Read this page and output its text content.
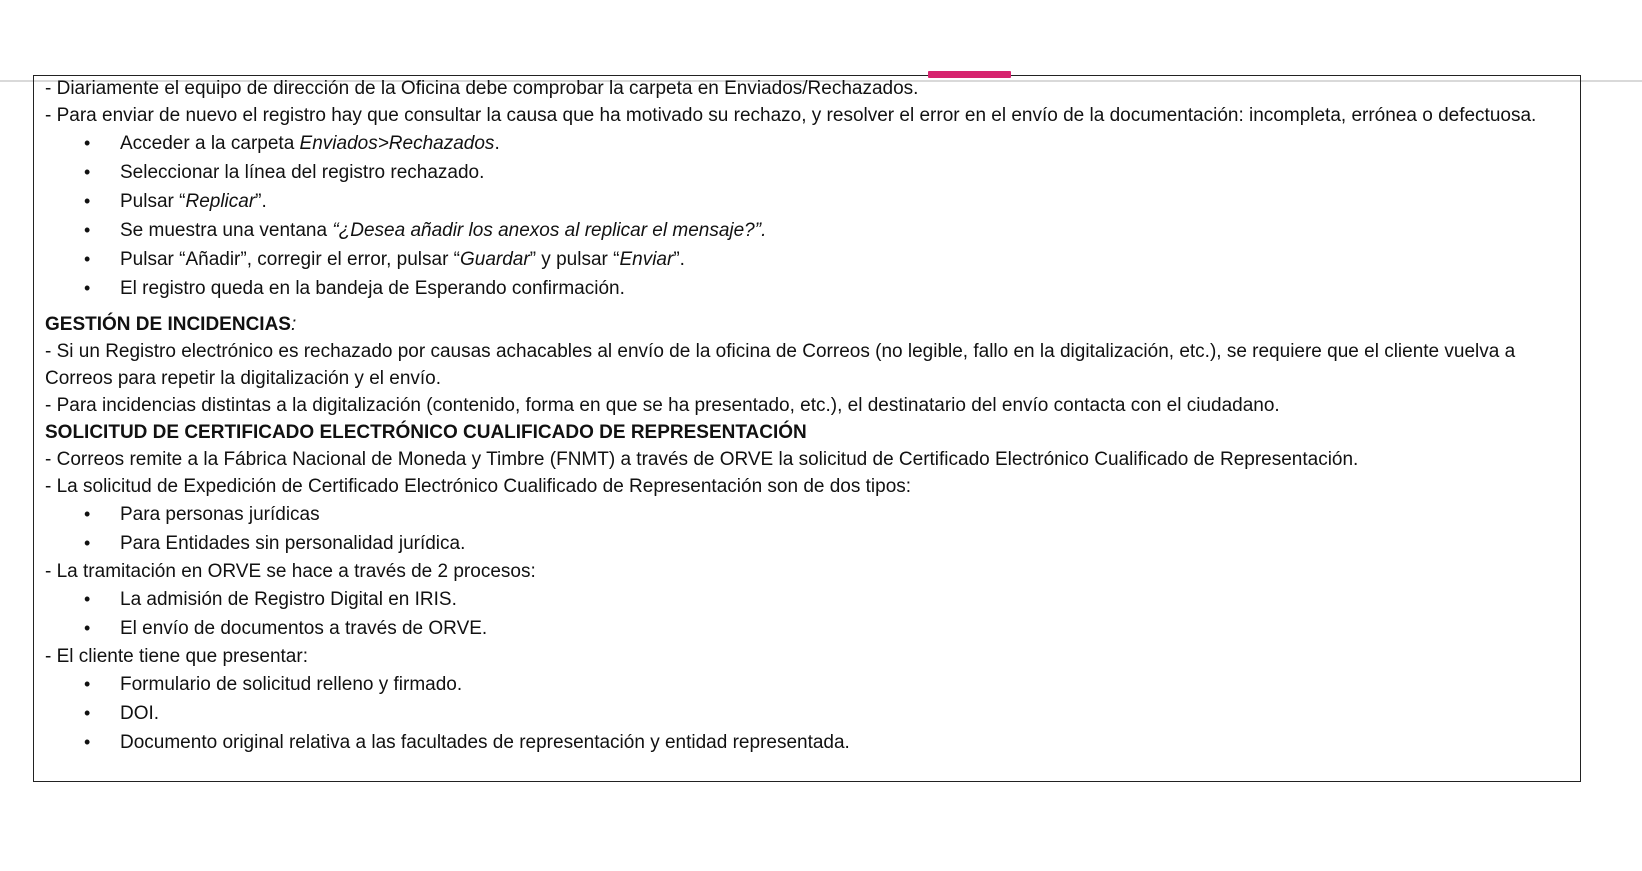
- Diariamente el equipo de dirección de la Oficina debe comprobar la carpeta en Enviados/Rechazados.

- Para enviar de nuevo el registro hay que consultar la causa que ha motivado su rechazo, y resolver el error en el envío de la documentación: incompleta, errónea o defectuosa.

• Acceder a la carpeta Enviados>Rechazados.
• Seleccionar la línea del registro rechazado.
• Pulsar “Replicar”.
• Se muestra una ventana “¿Desea añadir los anexos al replicar el mensaje?”.
• Pulsar “Añadir”, corregir el error, pulsar “Guardar” y pulsar “Enviar”.
• El registro queda en la bandeja de Esperando confirmación.

GESTIÓN DE INCIDENCIAS:

- Si un Registro electrónico es rechazado por causas achacables al envío de la oficina de Correos (no legible, fallo en la digitalización, etc.), se requiere que el cliente vuelva a Correos para repetir la digitalización y el envío.

- Para incidencias distintas a la digitalización (contenido, forma en que se ha presentado, etc.), el destinatario del envío contacta con el ciudadano.

SOLICITUD DE CERTIFICADO ELECTRÓNICO CUALIFICADO DE REPRESENTACIÓN

- Correos remite a la Fábrica Nacional de Moneda y Timbre (FNMT) a través de ORVE la solicitud de Certificado Electrónico Cualificado de Representación.

- La solicitud de Expedición de Certificado Electrónico Cualificado de Representación son de dos tipos:

• Para personas jurídicas
• Para Entidades sin personalidad jurídica.

- La tramitación en ORVE se hace a través de 2 procesos:

• La admisión de Registro Digital en IRIS.
• El envío de documentos a través de ORVE.

- El cliente tiene que presentar:

• Formulario de solicitud relleno y firmado.
• DOI.
• Documento original relativa a las facultades de representación y entidad representada.
